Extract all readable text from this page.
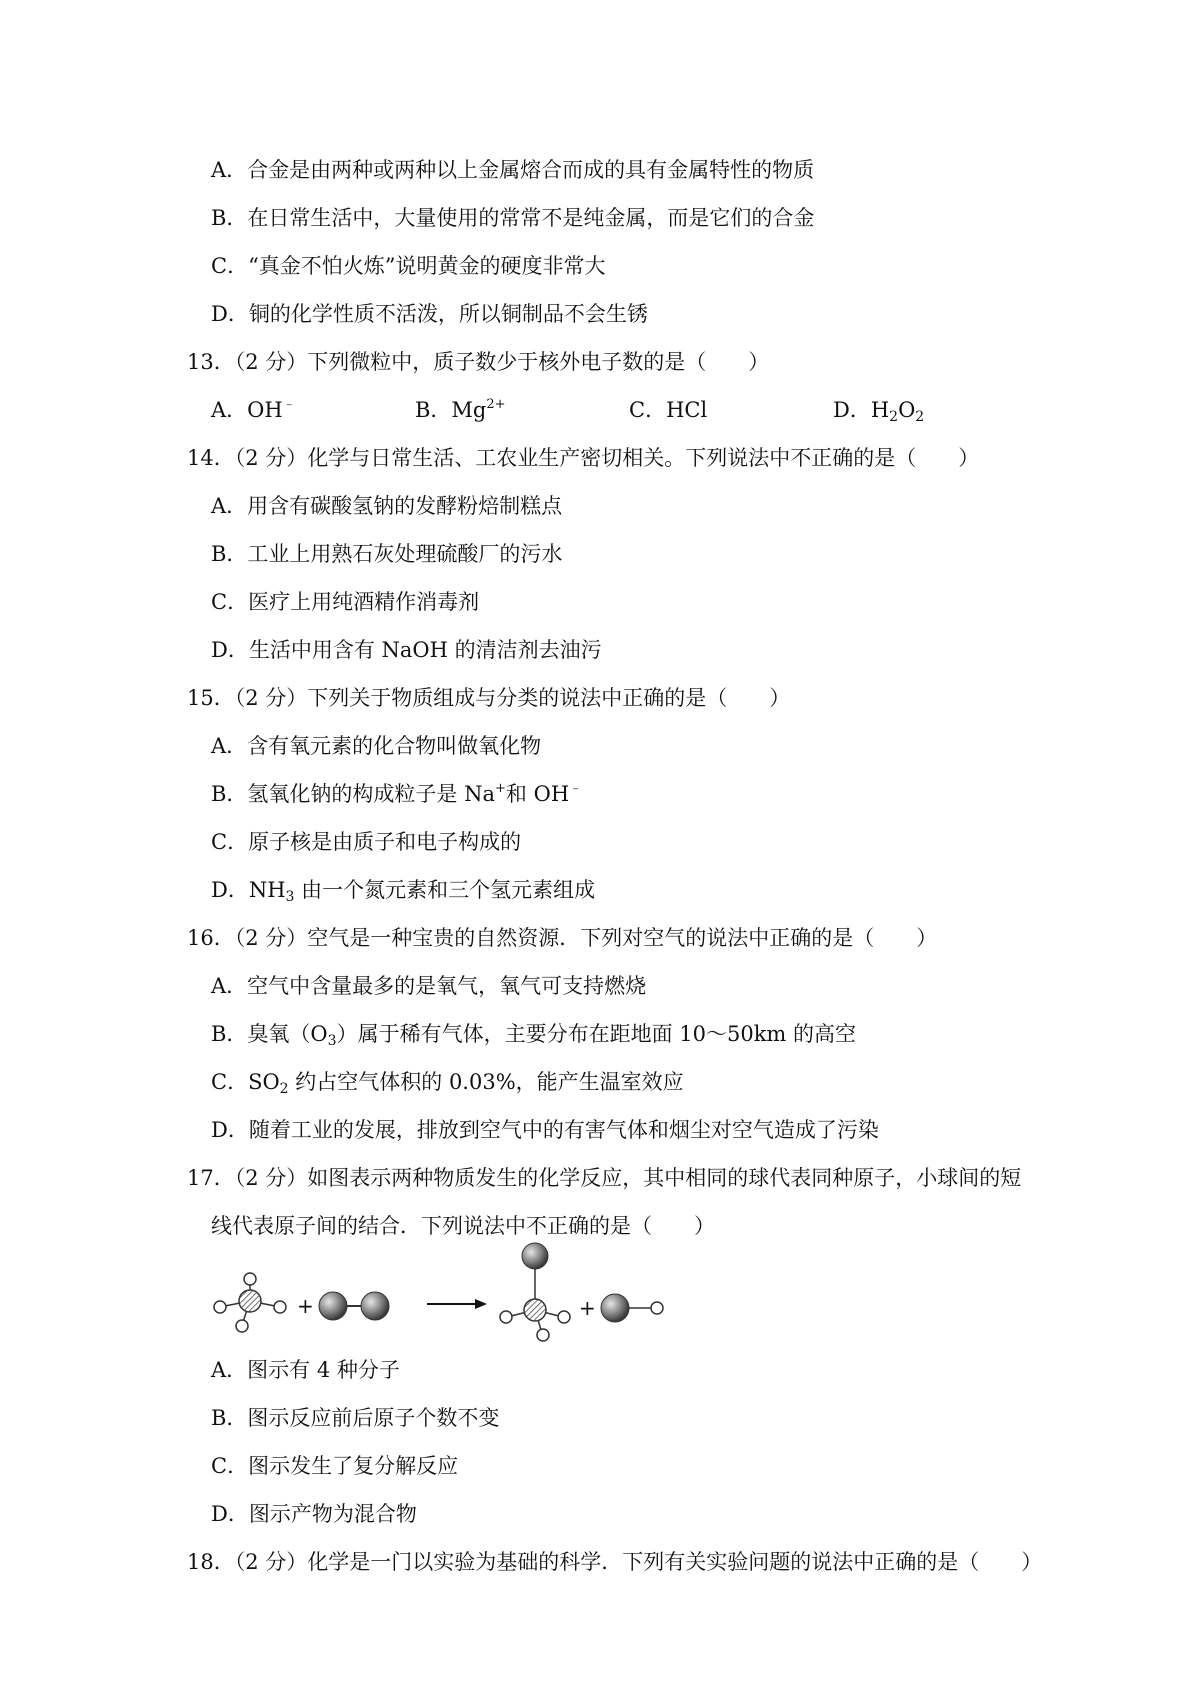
A．合金是由两种或两种以上金属熔合而成的具有金属特性的物质
B．在日常生活中，大量使用的常常不是纯金属，而是它们的合金
C．“真金不怕火炼”说明黄金的硬度非常大
D．铜的化学性质不活泼，所以铜制品不会生锈
13．（2 分）下列微粒中，质子数少于核外电子数的是（　　）
A．OH﹣	B．$Mg^{2+}$	C．HCl	D．$H_2O_2$
14．（2 分）化学与日常生活、工农业生产密切相关。下列说法中不正确的是（　　）
A．用含有碳酸氢钠的发酵粉焙制糕点
B．工业上用熟石灰处理硫酸厂的污水
C．医疗上用纯酒精作消毒剂
D．生活中用含有 NaOH 的清洁剂去油污
15．（2 分）下列关于物质组成与分类的说法中正确的是（　　）
A．含有氧元素的化合物叫做氧化物
B．氢氧化钠的构成粒子是 Na+和 OH﹣
C．原子核是由质子和电子构成的
D．$NH_3$ 由一个氮元素和三个氢元素组成
16．（2 分）空气是一种宝贵的自然资源．下列对空气的说法中正确的是（　　）
A．空气中含量最多的是氧气，氧气可支持燃烧
B．臭氧$(O_3)$属于稀有气体，主要分布在距地面 10～50km 的高空
C．$SO_2$ 约占空气体积的 0.03%，能产生温室效应
D．随着工业的发展，排放到空气中的有害气体和烟尘对空气造成了污染
17．（2 分）如图表示两种物质发生的化学反应，其中相同的球代表同种原子，小球间的短
线代表原子间的结合．下列说法中不正确的是（　　）
+	+
A．图示有 4 种分子
B．图示反应前后原子个数不变
C．图示发生了复分解反应
D．图示产物为混合物
18．（2 分）化学是一门以实验为基础的科学．下列有关实验问题的说法中正确的是（　　）
